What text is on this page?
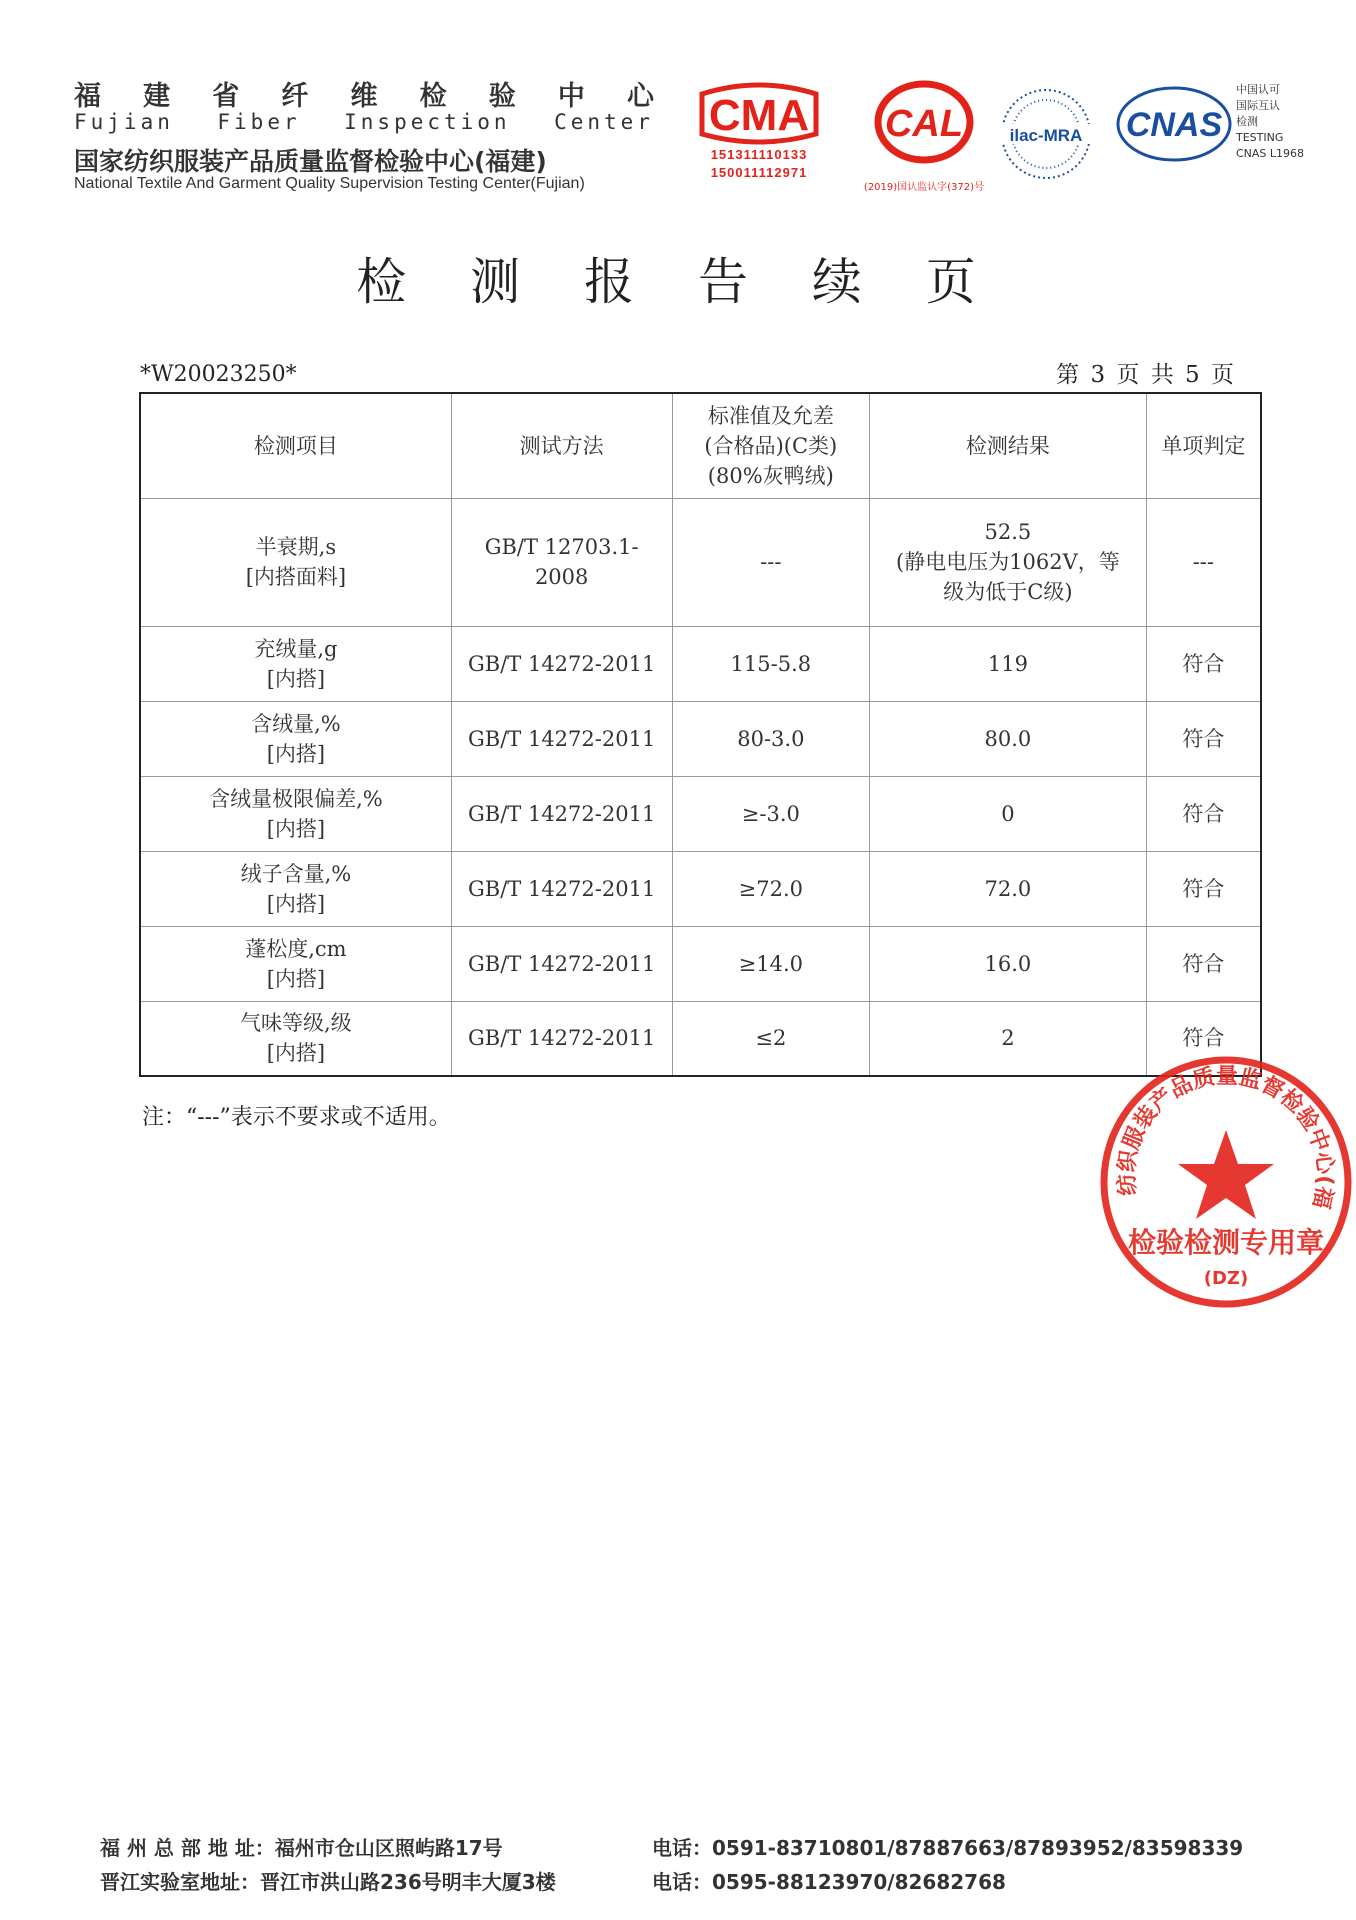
福 建 省 纤 维 检 验 中 心
Fujian Fiber Inspection Center
国家纺织服装产品质量监督检验中心(福建)
National Textile And Garment Quality Supervision Testing Center(Fujian)
CMA
151311110133
150011112971
CAL
(2019)国认监认字(372)号
ilac-MRA CNAS
中国认可
国际互认
检测
TESTING
CNAS L1968
检 测 报 告 续 页
*W20023250*	第 3 页 共 5 页
检测项目	测试方法	标准值及允差
(合格品)(C类)
(80%灰鸭绒)	检测结果	单项判定

半衰期,s
[内搭面料]	GB/T 12703.1-
2008	---	52.5
(静电电压为1062V，等
级为低于C级)	---

充绒量,g
[内搭]	GB/T 14272-2011	115-5.8	119	符合

含绒量,%
[内搭]	GB/T 14272-2011	80-3.0	80.0	符合

含绒量极限偏差,%
[内搭]	GB/T 14272-2011	≥-3.0	0	符合

绒子含量,%
[内搭]	GB/T 14272-2011	≥72.0	72.0	符合

蓬松度,cm
[内搭]	GB/T 14272-2011	≥14.0	16.0	符合

气味等级,级
[内搭]	GB/T 14272-2011	≤2	2	符合
注：“---”表示不要求或不适用。
纺织服装产品质量监督检验中心(福
检验检测专用章
(DZ)
福 州 总 部 地 址：福州市仓山区照屿路17号	电话：0591-83710801/87887663/87893952/83598339
晋江实验室地址：晋江市洪山路236号明丰大厦3楼	电话：0595-88123970/82682768
